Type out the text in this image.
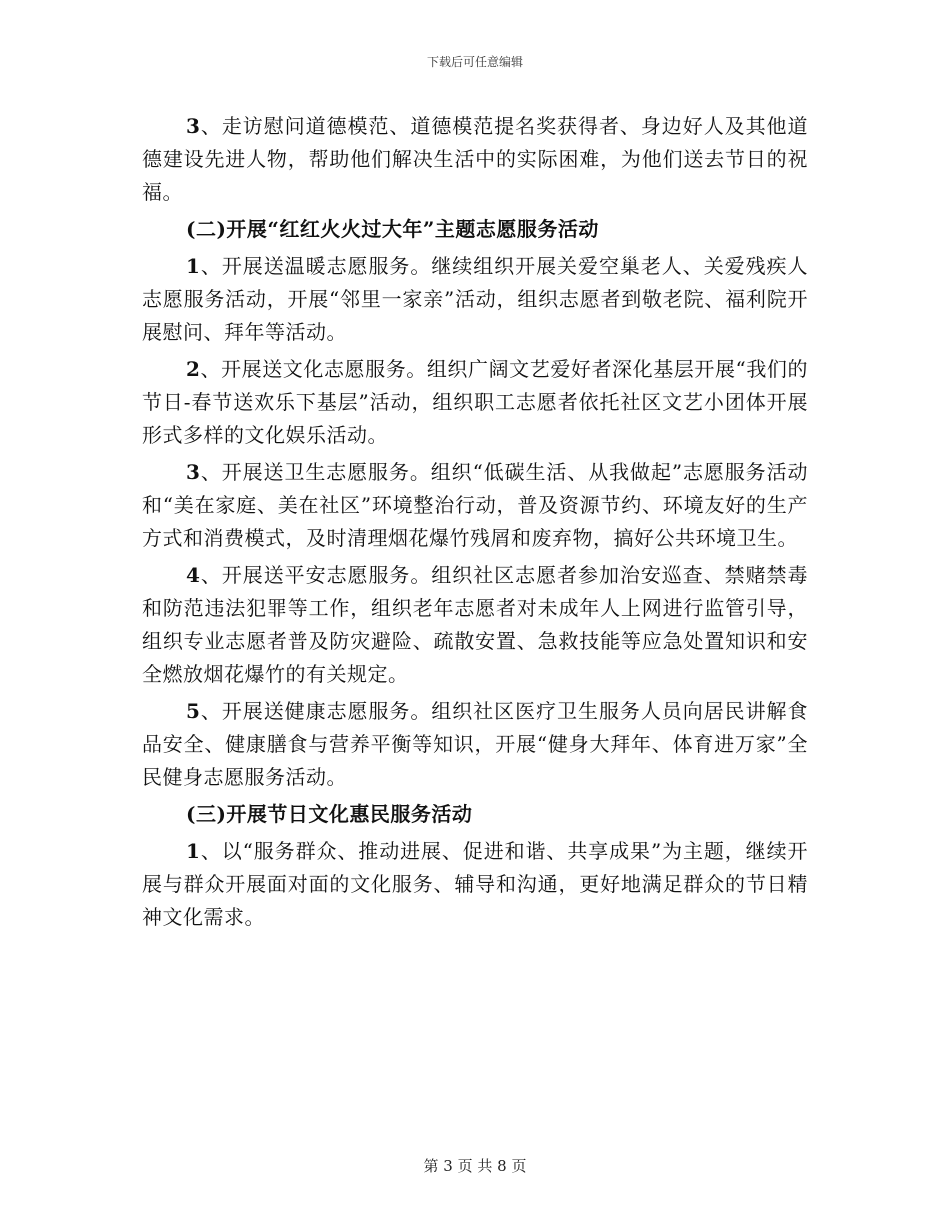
下载后可任意编辑

3、走访慰问道德模范、道德模范提名奖获得者、身边好人及其他道德建设先进人物，帮助他们解决生活中的实际困难，为他们送去节日的祝福。

(二)开展“红红火火过大年”主题志愿服务活动

1、开展送温暖志愿服务。继续组织开展关爱空巢老人、关爱残疾人志愿服务活动，开展“邻里一家亲”活动，组织志愿者到敬老院、福利院开展慰问、拜年等活动。

2、开展送文化志愿服务。组织广阔文艺爱好者深化基层开展“我们的节日-春节送欢乐下基层”活动，组织职工志愿者依托社区文艺小团体开展形式多样的文化娱乐活动。

3、开展送卫生志愿服务。组织“低碳生活、从我做起”志愿服务活动和“美在家庭、美在社区”环境整治行动，普及资源节约、环境友好的生产方式和消费模式，及时清理烟花爆竹残屑和废弃物，搞好公共环境卫生。

4、开展送平安志愿服务。组织社区志愿者参加治安巡查、禁赌禁毒和防范违法犯罪等工作，组织老年志愿者对未成年人上网进行监管引导，组织专业志愿者普及防灾避险、疏散安置、急救技能等应急处置知识和安全燃放烟花爆竹的有关规定。

5、开展送健康志愿服务。组织社区医疗卫生服务人员向居民讲解食品安全、健康膳食与营养平衡等知识，开展“健身大拜年、体育进万家”全民健身志愿服务活动。

(三)开展节日文化惠民服务活动

1、以“服务群众、推动进展、促进和谐、共享成果”为主题，继续开展与群众开展面对面的文化服务、辅导和沟通，更好地满足群众的节日精神文化需求。

第 3 页 共 8 页
